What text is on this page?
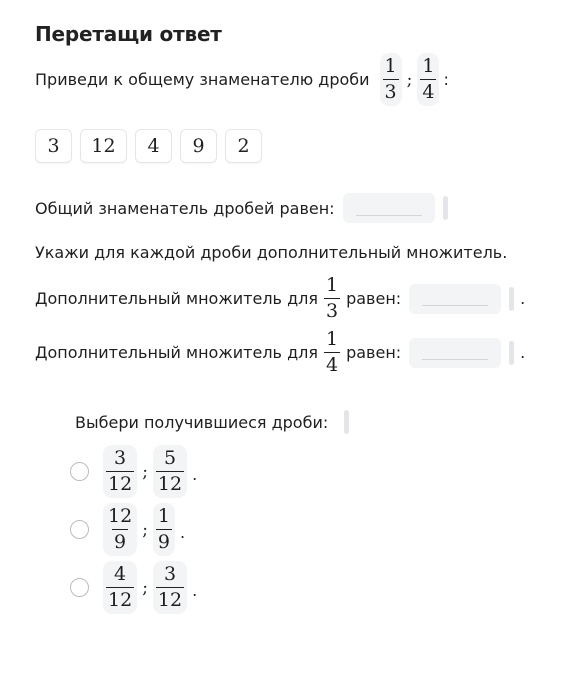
Перетащи ответ
Приведи к общему знаменателю дроби $\frac{1}{3}$ ; $\frac{1}{4}$ :
3	12	4	9	2
Общий знаменатель дробей равен:
Укажи для каждой дроби дополнительный множитель.
Дополнительный множитель для $\frac{1}{3}$ равен:	.
Дополнительный множитель для $\frac{1}{4}$ равен:	.
Выбери получившиеся дроби:
$\frac{3}{12}$ ; $\frac{5}{12}$ .
$\frac{12}{9}$ ; $\frac{1}{9}$ .
$\frac{4}{12}$ ; $\frac{3}{12}$ .
